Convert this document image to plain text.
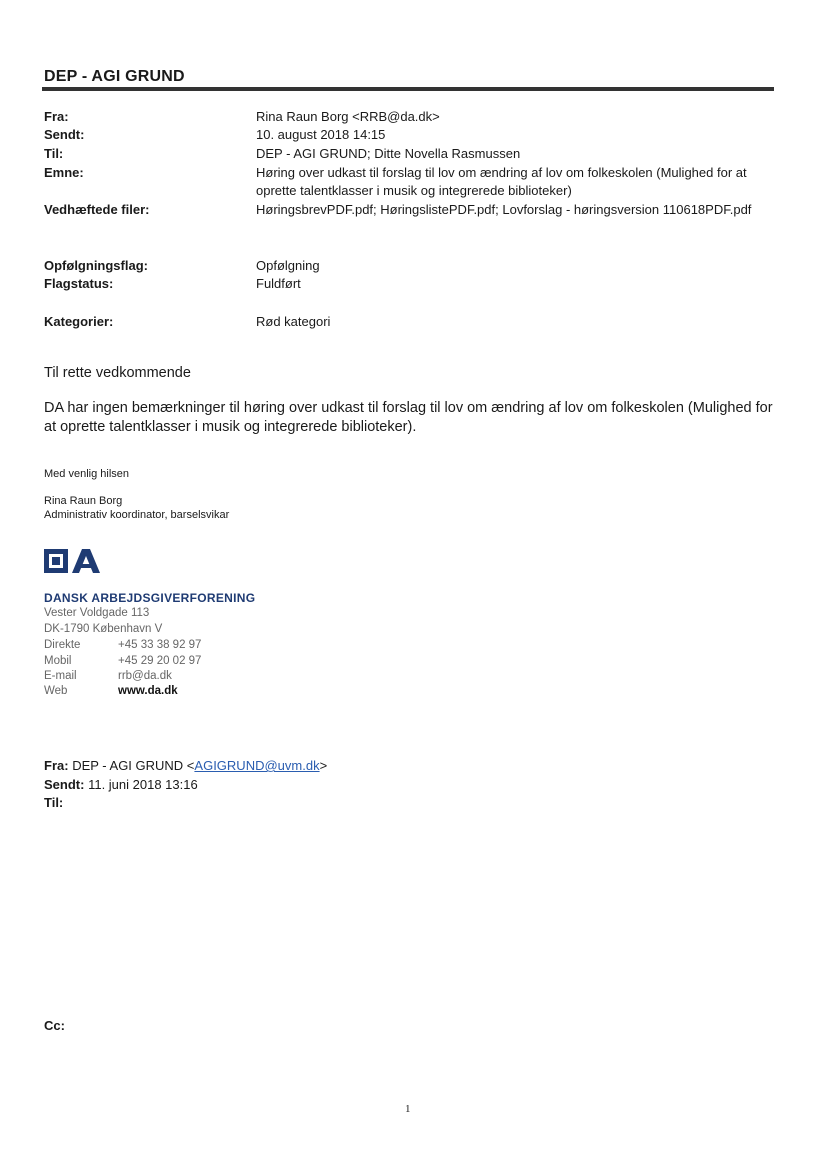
DEP - AGI GRUND
Fra:	Rina Raun Borg <RRB@da.dk>
Sendt:	10. august 2018 14:15
Til:	DEP - AGI GRUND; Ditte Novella Rasmussen
Emne:	Høring over udkast til forslag til lov om ændring af lov om folkeskolen (Mulighed for at oprette talentklasser i musik og integrerede biblioteker)
Vedhæftede filer:	HøringsbrevPDF.pdf; HøringslistePDF.pdf; Lovforslag - høringsversion 110618PDF.pdf
Opfølgningsflag:	Opfølgning
Flagstatus:	Fuldført
Kategorier:	Rød kategori
Til rette vedkommende
DA har ingen bemærkninger til høring over udkast til forslag til lov om ændring af lov om folkeskolen (Mulighed for at oprette talentklasser i musik og integrerede biblioteker).
Med venlig hilsen
Rina Raun Borg
Administrativ koordinator, barselsvikar
DANSK ARBEJDSGIVERFORENING
Vester Voldgade 113
DK-1790 København V
Direkte	+45 33 38 92 97
Mobil	+45 29 20 02 97
E-mail	rrb@da.dk
Web	www.da.dk
Fra: DEP - AGI GRUND <AGIGRUND@uvm.dk>
Sendt: 11. juni 2018 13:16
Til:
Cc:
1
